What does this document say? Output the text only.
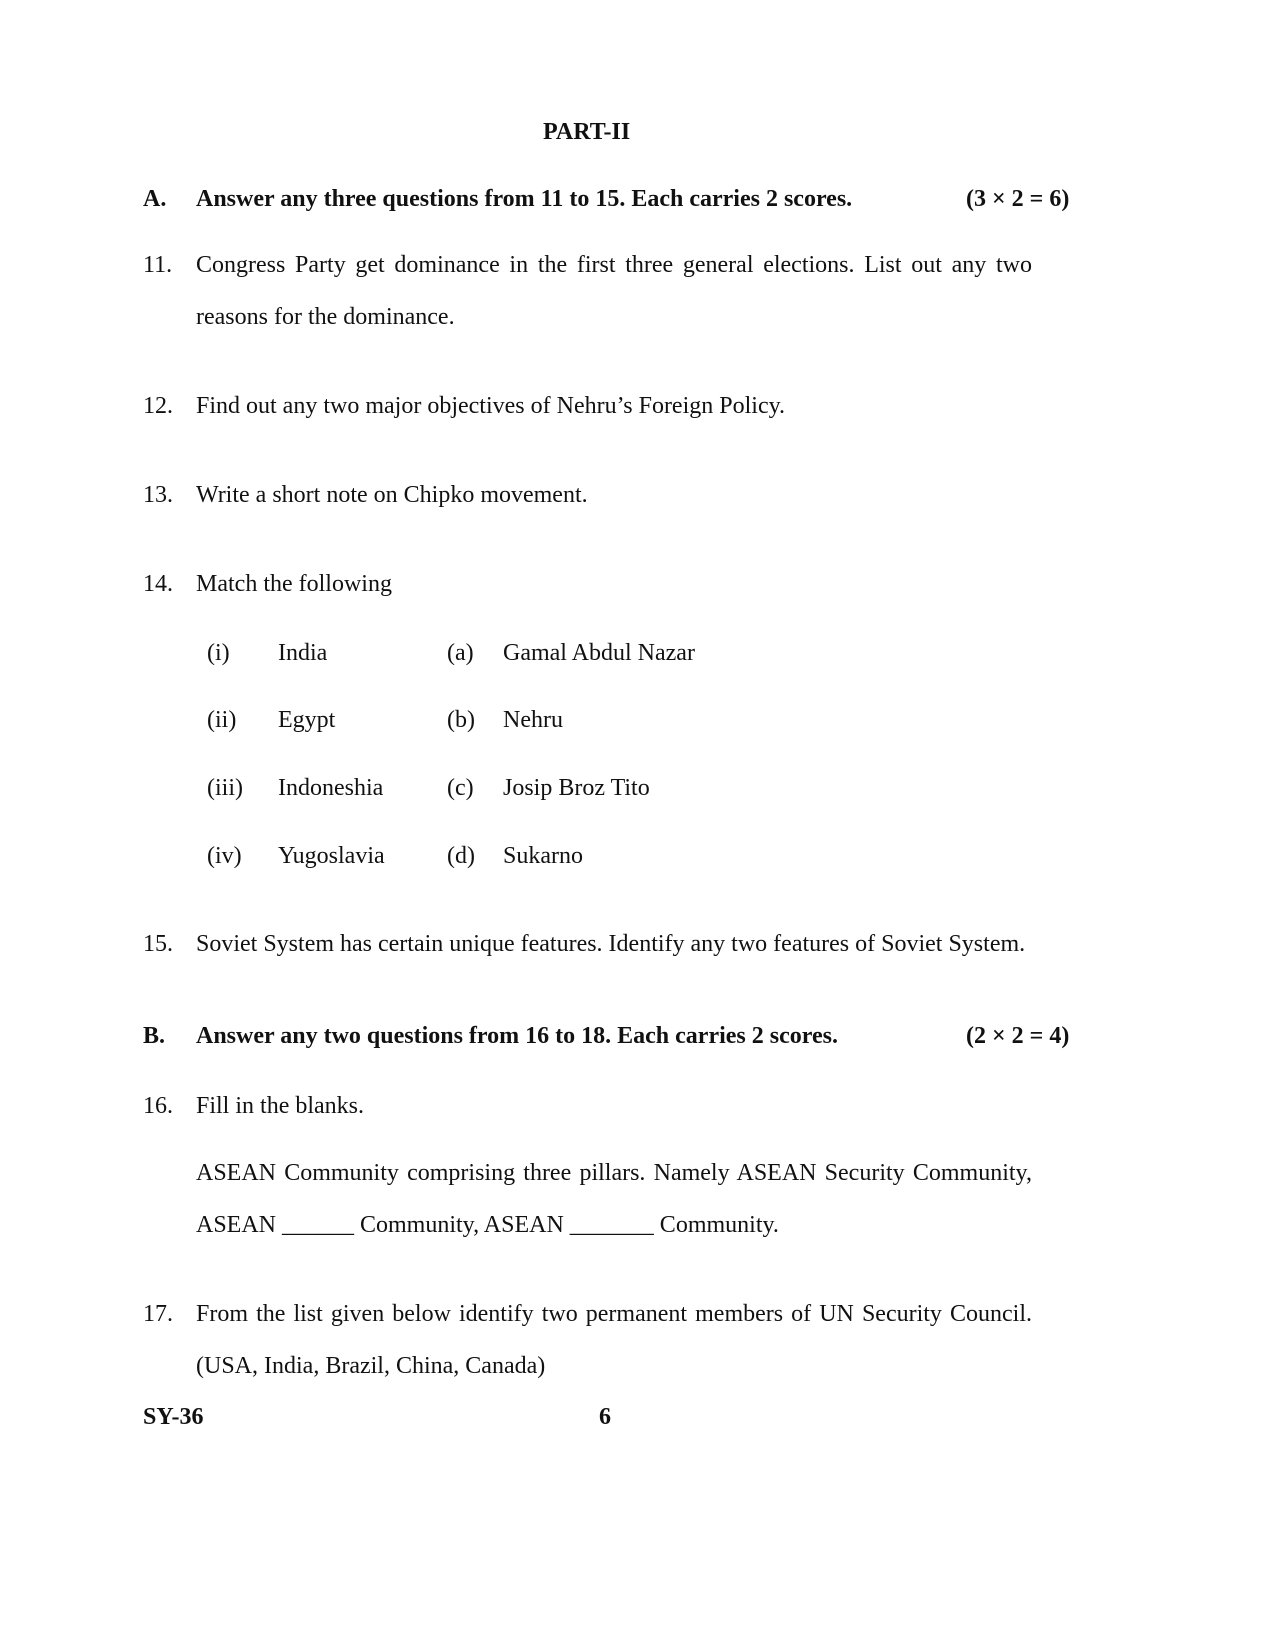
PART-II
A. Answer any three questions from 11 to 15. Each carries 2 scores.	(3 × 2 = 6)
11. Congress Party get dominance in the first three general elections. List out any two
reasons for the dominance.
12. Find out any two major objectives of Nehru’s Foreign Policy.
13. Write a short note on Chipko movement.
14. Match the following
(i) India	(a) Gamal Abdul Nazar
(ii) Egypt	(b) Nehru
(iii) Indoneshia	(c) Josip Broz Tito
(iv) Yugoslavia	(d) Sukarno
15. Soviet System has certain unique features. Identify any two features of Soviet System.
B. Answer any two questions from 16 to 18. Each carries 2 scores.	(2 × 2 = 4)
16. Fill in the blanks.
ASEAN Community comprising three pillars. Namely ASEAN Security Community,
ASEAN ______ Community, ASEAN _______ Community.
17. From the list given below identify two permanent members of UN Security Council.
(USA, India, Brazil, China, Canada)
SY-36	6
